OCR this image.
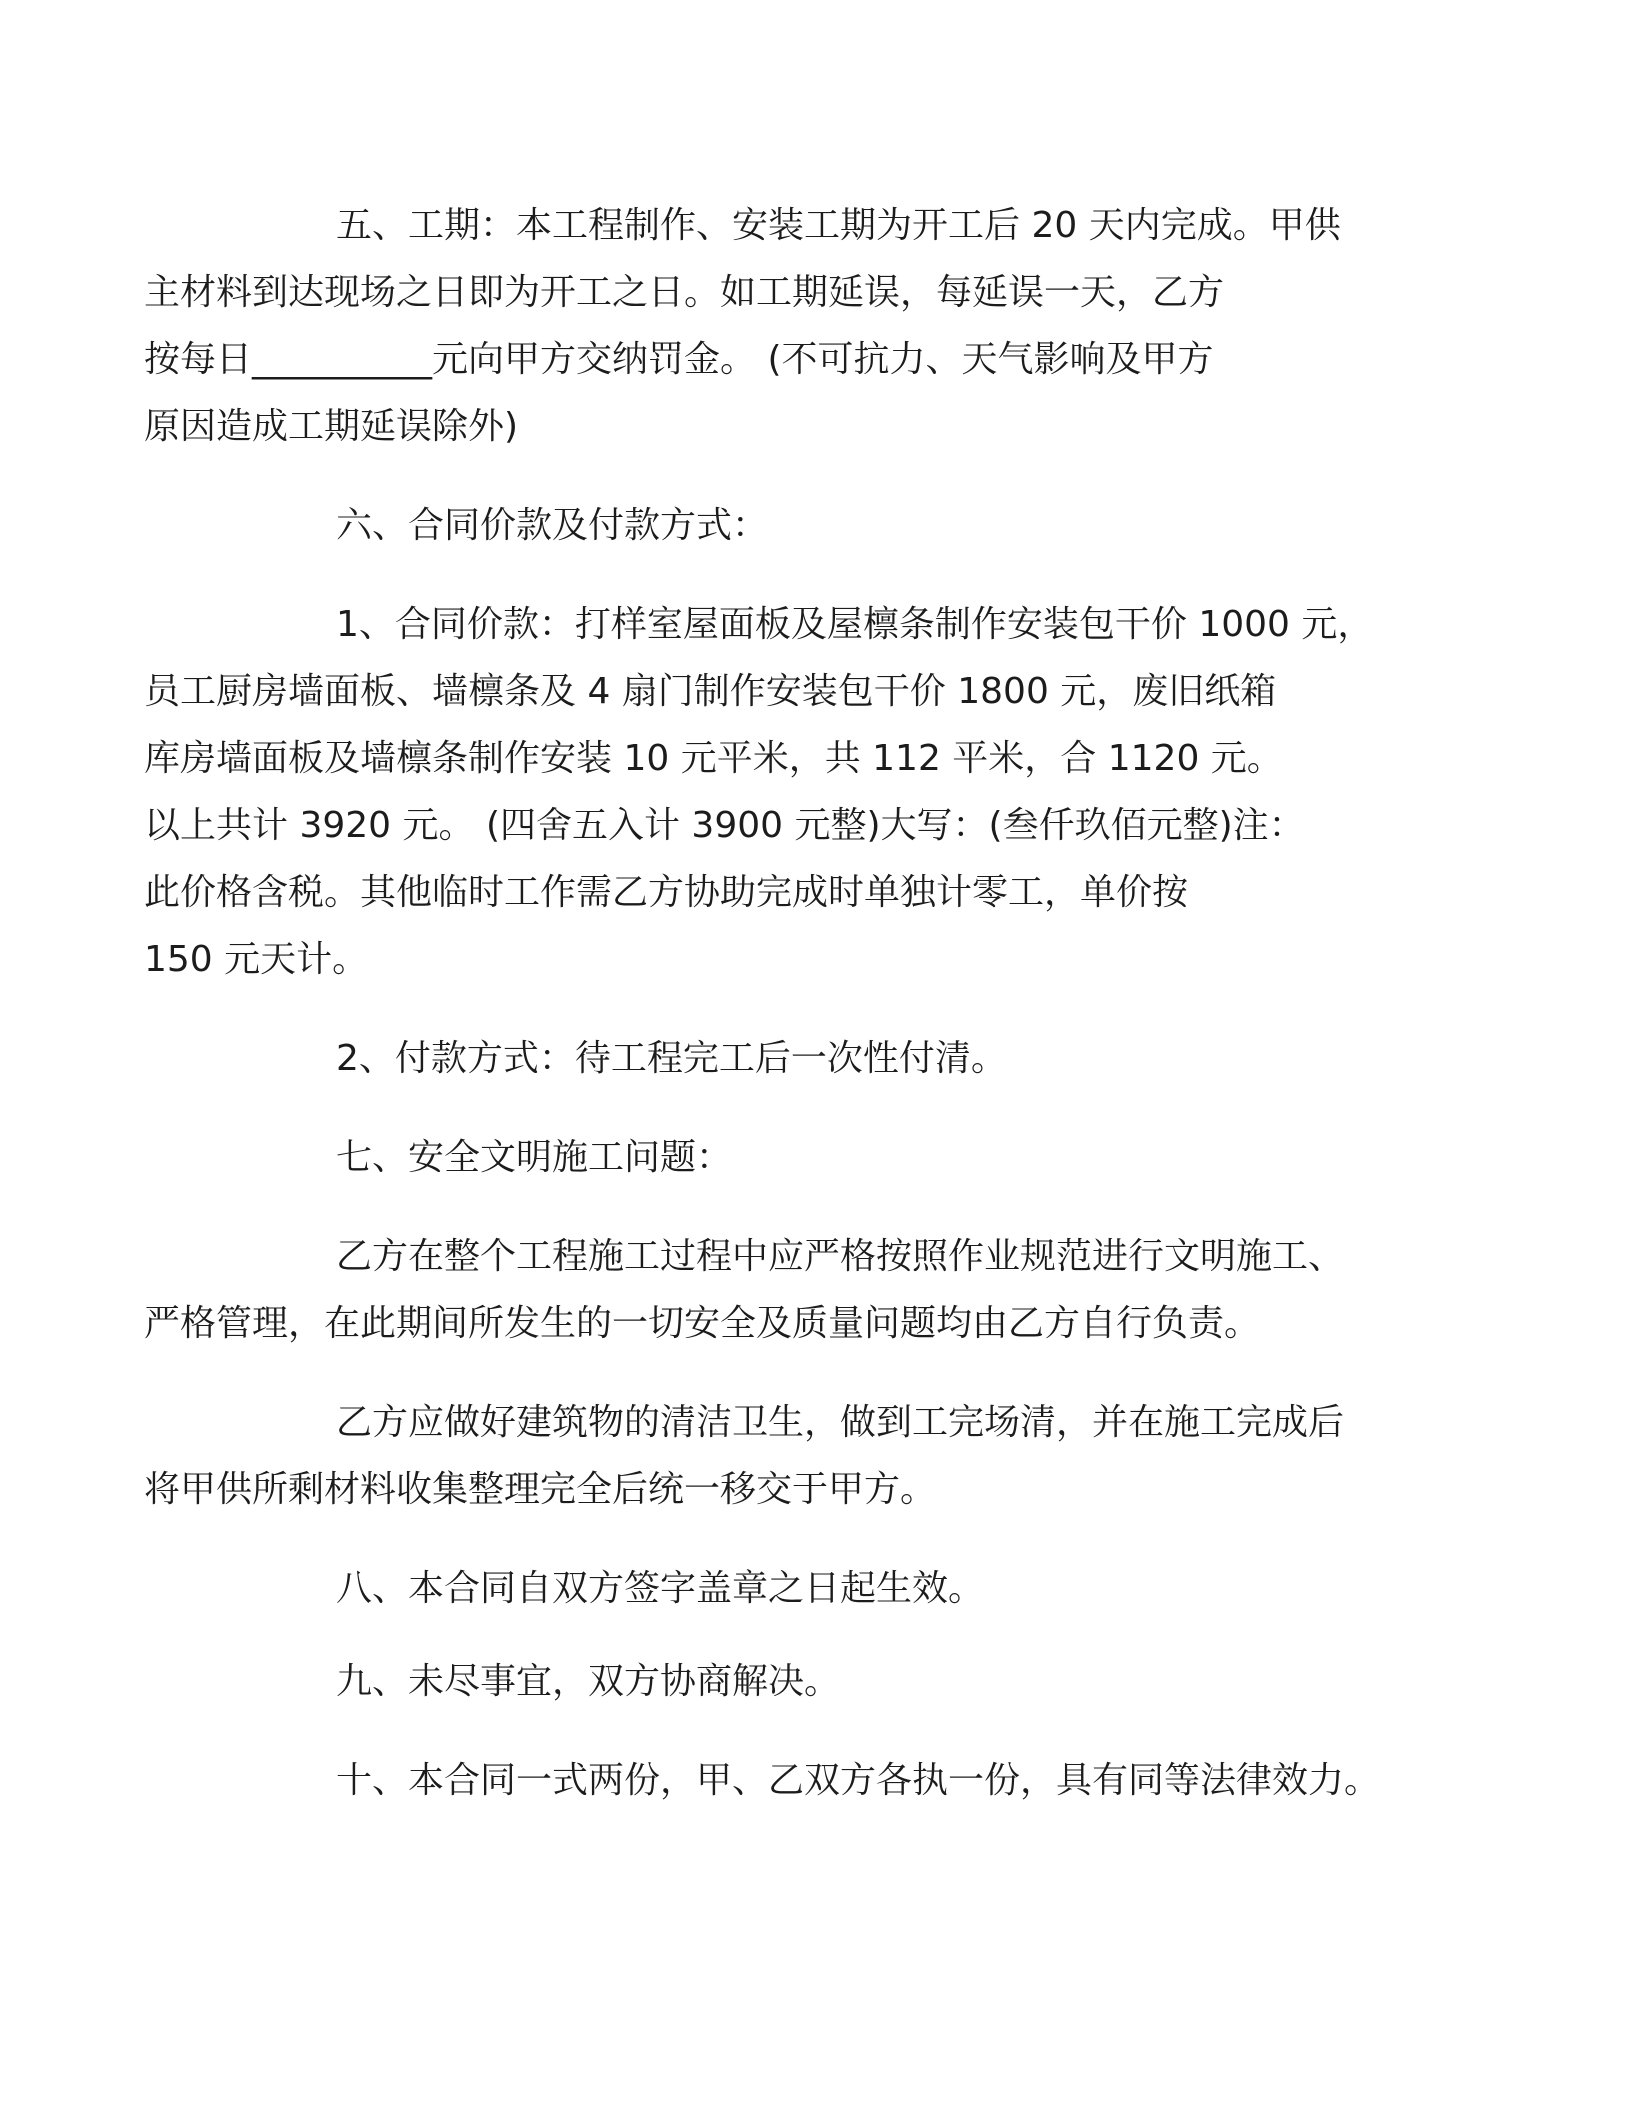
五、工期：本工程制作、安装工期为开工后 20 天内完成。甲供
主材料到达现场之日即为开工之日。如工期延误，每延误一天，乙方
按每日__________元向甲方交纳罚金。 (不可抗力、天气影响及甲方
原因造成工期延误除外)

六、合同价款及付款方式：

1、合同价款：打样室屋面板及屋檩条制作安装包干价 1000 元，
员工厨房墙面板、墙檩条及 4 扇门制作安装包干价 1800 元，废旧纸箱
库房墙面板及墙檩条制作安装 10 元平米，共 112 平米，合 1120 元。
以上共计 3920 元。 (四舍五入计 3900 元整)大写：(叁仟玖佰元整)注：
此价格含税。其他临时工作需乙方协助完成时单独计零工，单价按
150 元天计。

2、付款方式：待工程完工后一次性付清。

七、安全文明施工问题：

乙方在整个工程施工过程中应严格按照作业规范进行文明施工、
严格管理，在此期间所发生的一切安全及质量问题均由乙方自行负责。

乙方应做好建筑物的清洁卫生，做到工完场清，并在施工完成后
将甲供所剩材料收集整理完全后统一移交于甲方。

八、本合同自双方签字盖章之日起生效。

九、未尽事宜，双方协商解决。

十、本合同一式两份，甲、乙双方各执一份，具有同等法律效力。
